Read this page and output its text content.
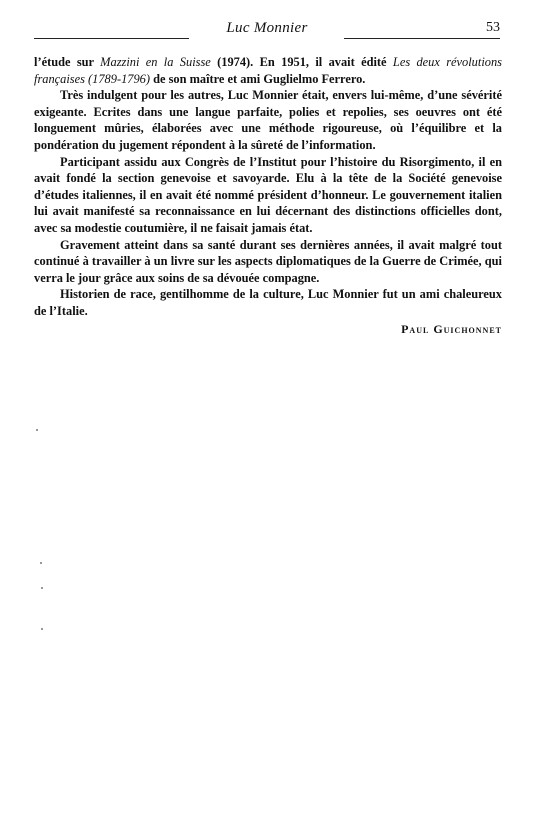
Luc Monnier	53

l’étude sur Mazzini en la Suisse (1974). En 1951, il avait édité Les deux révolutions françaises (1789-1796) de son maître et ami Guglielmo Ferrero.

Très indulgent pour les autres, Luc Monnier était, envers lui-même, d’une sévérité exigeante. Ecrites dans une langue parfaite, polies et repolies, ses oeuvres ont été longuement mûries, élaborées avec une méthode rigoureuse, où l’équilibre et la pondération du jugement répondent à la sûreté de l’information.

Participant assidu aux Congrès de l’Institut pour l’histoire du Risorgimento, il en avait fondé la section genevoise et savoyarde. Elu à la tête de la Société genevoise d’études italiennes, il en avait été nommé président d’honneur. Le gouvernement italien lui avait manifesté sa reconnaissance en lui décernant des distinctions officielles dont, avec sa modestie coutumière, il ne faisait jamais état.

Gravement atteint dans sa santé durant ses dernières années, il avait malgré tout continué à travailler à un livre sur les aspects diplomatiques de la Guerre de Crimée, qui verra le jour grâce aux soins de sa dévouée compagne.

Historien de race, gentilhomme de la culture, Luc Monnier fut un ami chaleureux de l’Italie.

Paul Guichonnet
